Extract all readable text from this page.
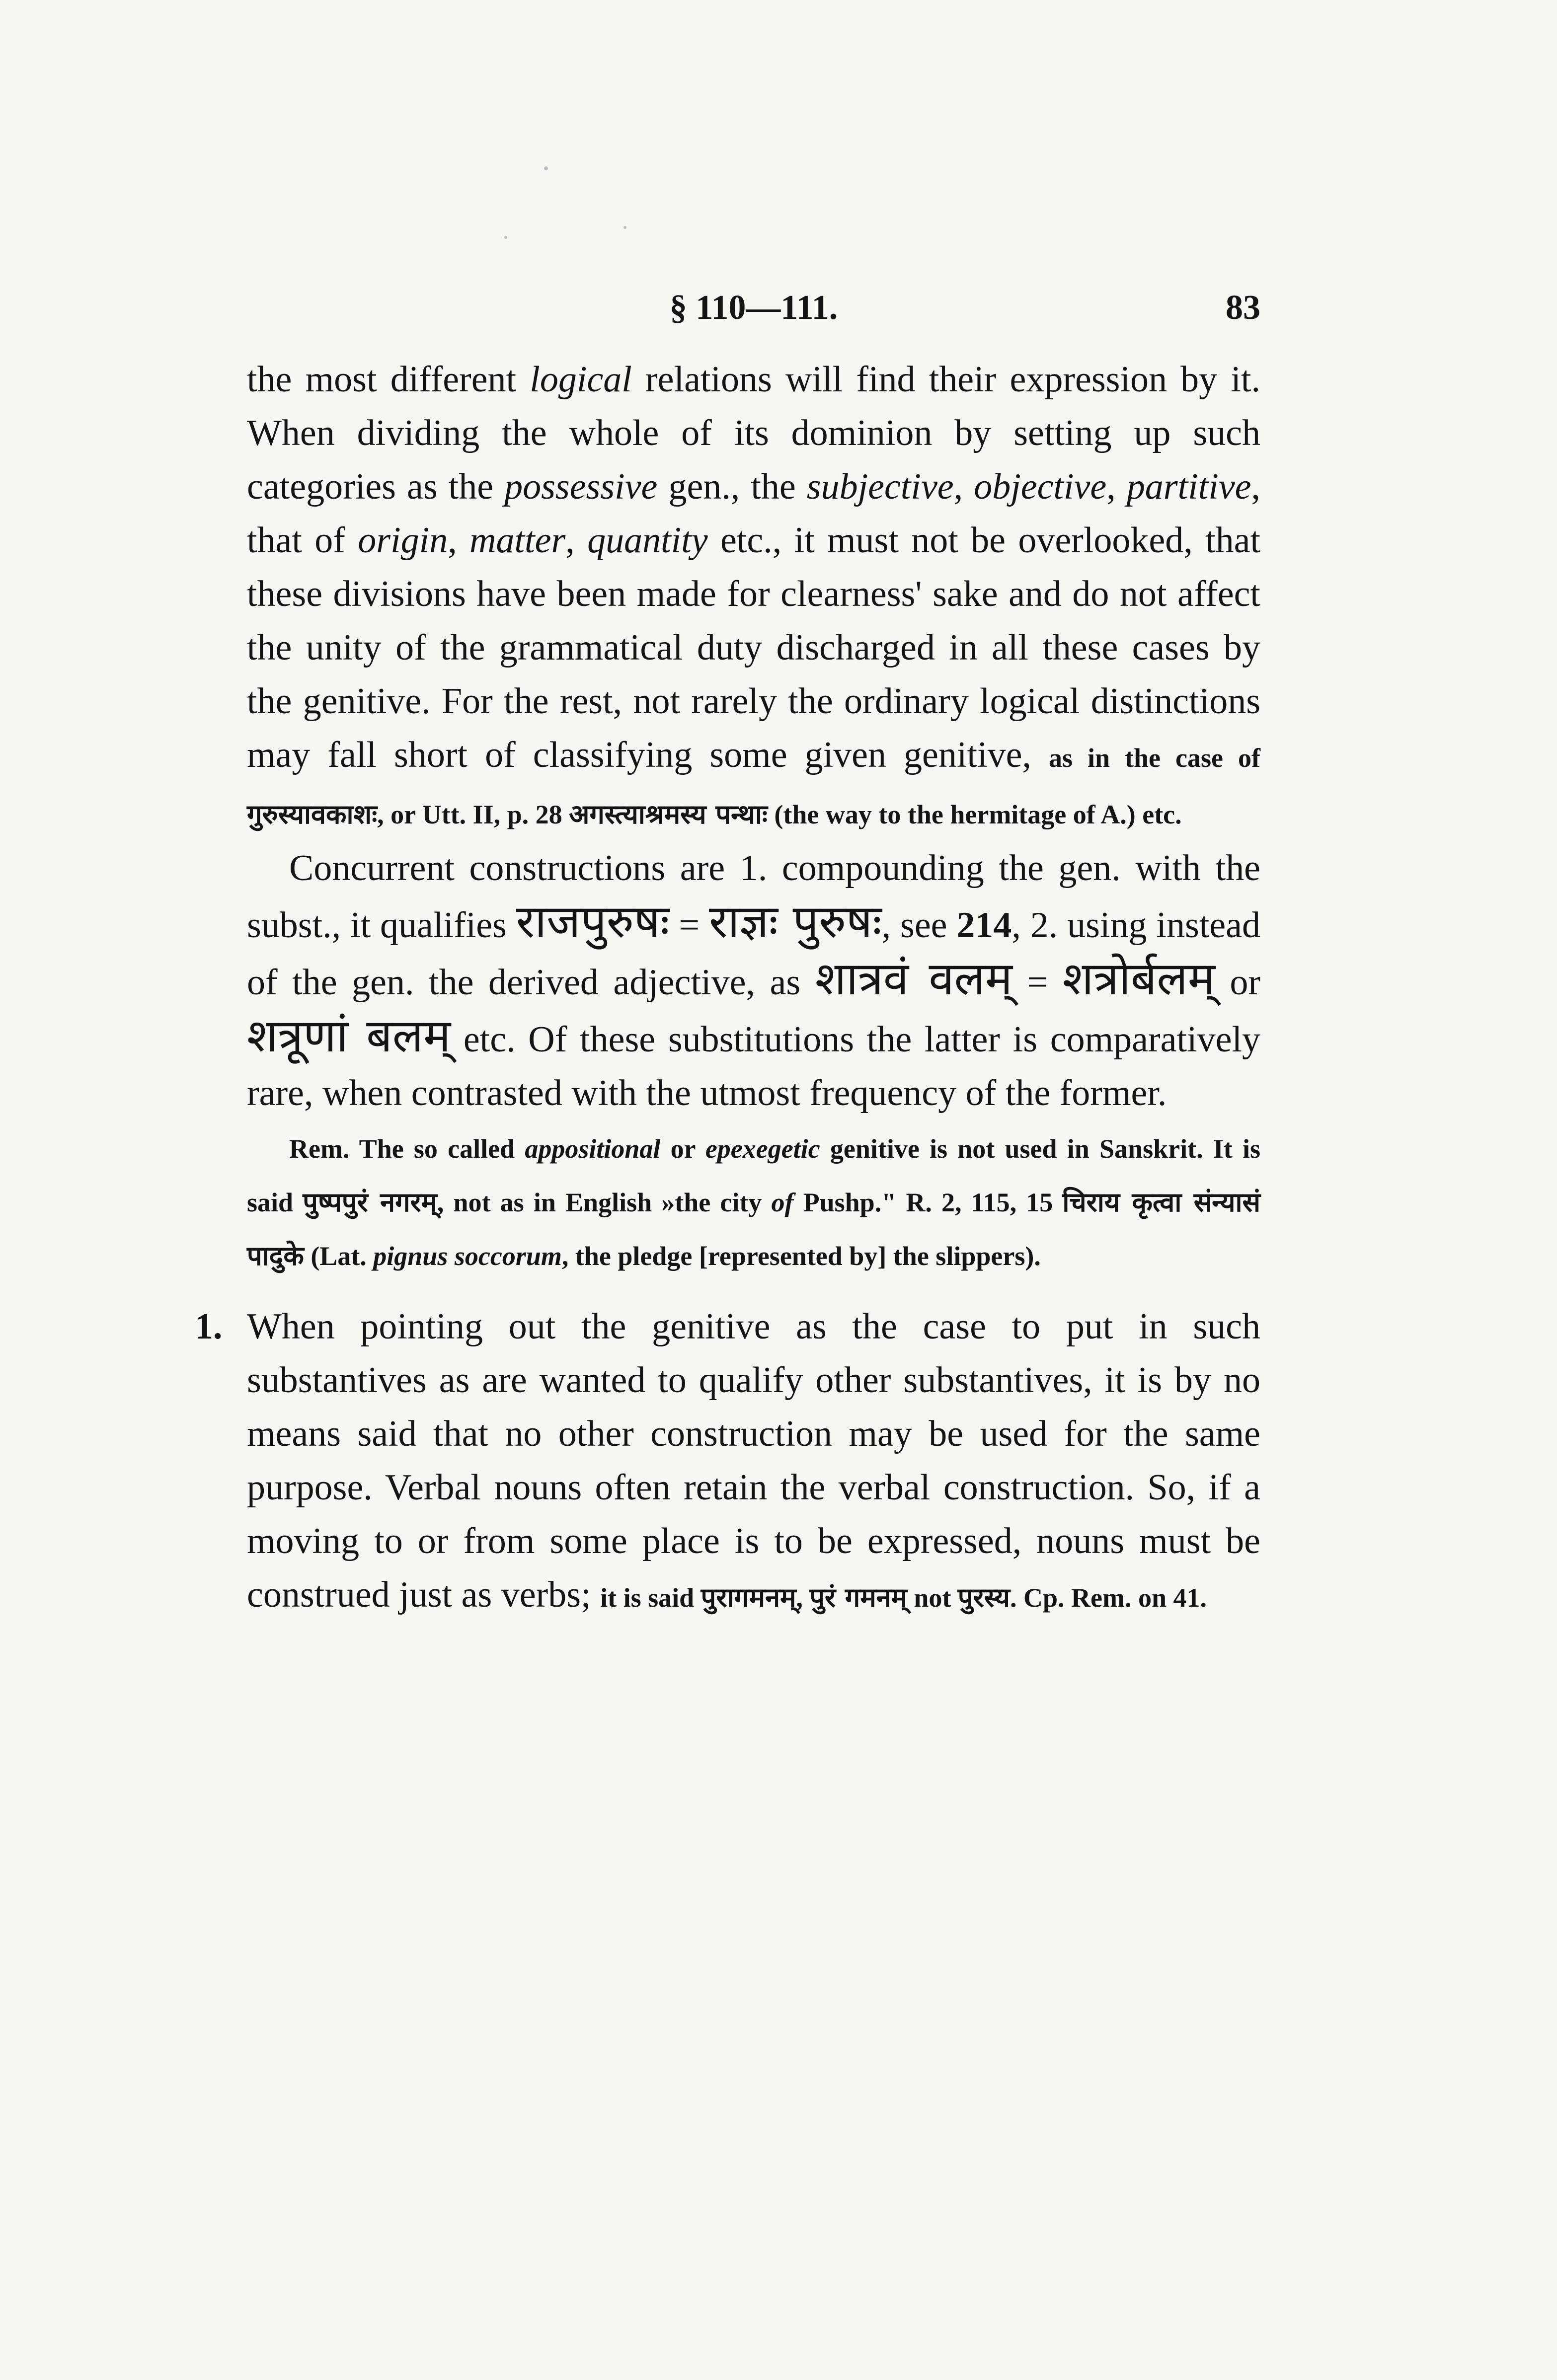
§ 110—111.	83

the most different logical relations will find their expression by it. When dividing the whole of its dominion by setting up such categories as the possessive gen., the subjective, objective, partitive, that of origin, matter, quantity etc., it must not be overlooked, that these divisions have been made for clearness' sake and do not affect the unity of the grammatical duty discharged in all these cases by the genitive. For the rest, not rarely the ordinary logical distinctions may fall short of classifying some given genitive, as in the case of गुरुस्यावकाशः, or Utt. II, p. 28 अगस्त्याश्रमस्य पन्थाः (the way to the hermitage of A.) etc.

Concurrent constructions are 1. compounding the gen. with the subst., it qualifies राजपुरुषः = राज्ञः पुरुषः, see 214, 2. using instead of the gen. the derived adjective, as शात्रवं वलम् = शत्रोर्बलम् or शत्रूणां बलम् etc. Of these substitutions the latter is comparatively rare, when contrasted with the utmost frequency of the former.

Rem. The so called appositional or epexegetic genitive is not used in Sanskrit. It is said पुष्पपुरं नगरम्, not as in English »the city of Pushp." R. 2, 115, 15 चिराय कृत्वा संन्यासं पादुके (Lat. pignus soccorum, the pledge [represented by] the slippers).

1. When pointing out the genitive as the case to put in such substantives as are wanted to qualify other substantives, it is by no means said that no other construction may be used for the same purpose. Verbal nouns often retain the verbal construction. So, if a moving to or from some place is to be expressed, nouns must be construed just as verbs; it is said पुरागमनम्, पुरं गमनम् not पुरस्य. Cp. Rem. on 41.
